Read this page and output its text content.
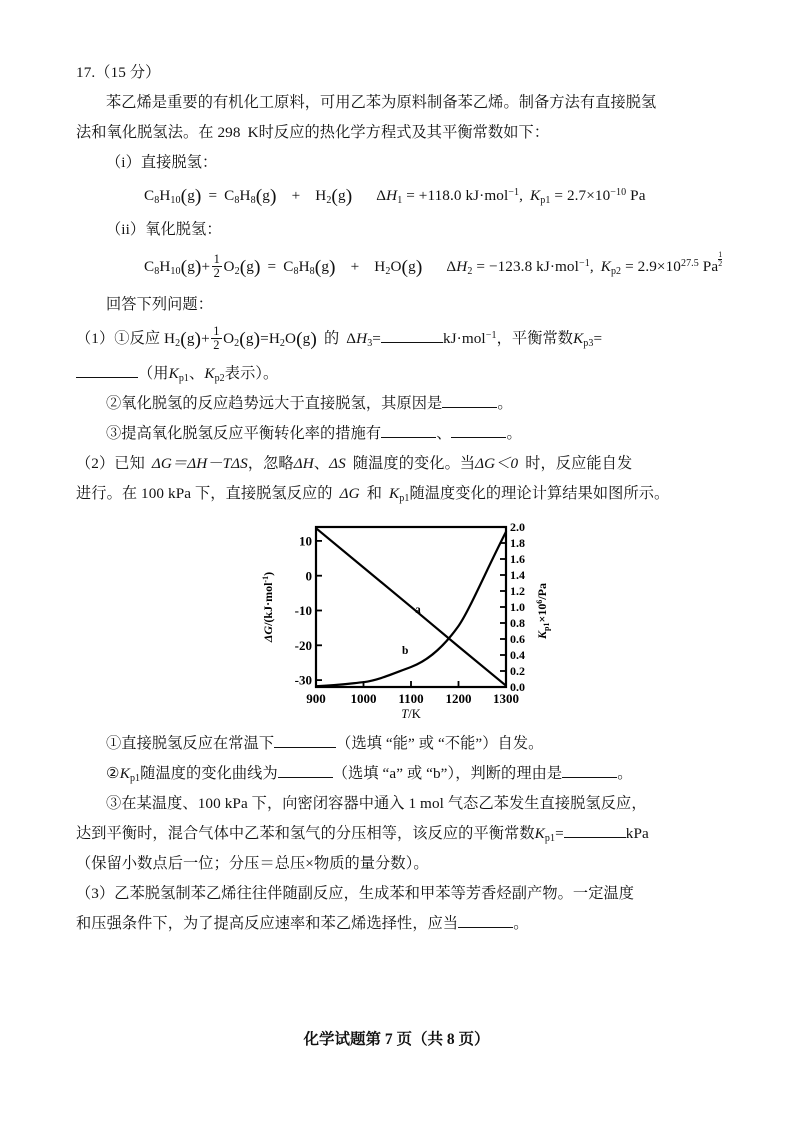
17.（15 分）
苯乙烯是重要的有机化工原料，可用乙苯为原料制备苯乙烯。制备方法有直接脱氢
法和氧化脱氢法。在 298 K时反应的热化学方程式及其平衡常数如下：
（i）直接脱氢：
$C_8H_{10}(g) = C_8H_8(g) + H_2(g) \Delta H_1 = +118.0$ kJ·mol$^{-1}$, $K_{p1} = 2.7\times 10^{-10}$ Pa
（ii）氧化脱氢：
$C_8H_{10}(g)+ \frac{1}{2} O_2(g) = C_8H_8(g) + H_2O(g) \Delta H_2 = -123.8$ kJ·mol$^{-1}$, $K_{p2} = 2.9\times 10^{27.5}$ Pa $\frac{1}{2}$
回答下列问题：
（1）①反应 $H_2(g)+ \frac{1}{2} O_2(g)=H_2O(g)$ 的 $\Delta H_3=$	kJ·mol$^{-1}$，平衡常数$K_{p3}=$
（用$K_{p1}$、$K_{p2}$表示）。
②氧化脱氢的反应趋势远大于直接脱氢，其原因是	。
③提高氧化脱氢反应平衡转化率的措施有	、	。
（2）已知 ΔG＝ΔH－TΔS，忽略ΔH、ΔS 随温度的变化。当ΔG＜0 时，反应能自发
进行。在 100 kPa 下，直接脱氢反应的 ΔG 和 $K_{p1}$随温度变化的理论计算结果如图所示。
a
b
900 1000 1100 1200 1300
T/K
10
0
-10
-20
-30	0.0
0.2
0.4
0.6
0.8
1.0
1.2
1.4
1.6
1.8
2.0
ΔG/(kJ·mol$^{-1}$)
$K_{p1}\times 10^6/Pa$
①直接脱氢反应在常温下	（选填 “能” 或 “不能”）自发。
$②K_{p1}$随温度的变化曲线为	（选填 “a” 或 “b”），判断的理由是	。
③在某温度、100 kPa 下，向密闭容器中通入 1 mol 气态乙苯发生直接脱氢反应，
达到平衡时，混合气体中乙苯和氢气的分压相等，该反应的平衡常数$K_{p1}=$	kPa
（保留小数点后一位；分压＝总压×物质的量分数）。
（3）乙苯脱氢制苯乙烯往往伴随副反应，生成苯和甲苯等芳香烃副产物。一定温度
和压强条件下，为了提高反应速率和苯乙烯选择性，应当	。
化学试题第 7 页（共 8 页）
